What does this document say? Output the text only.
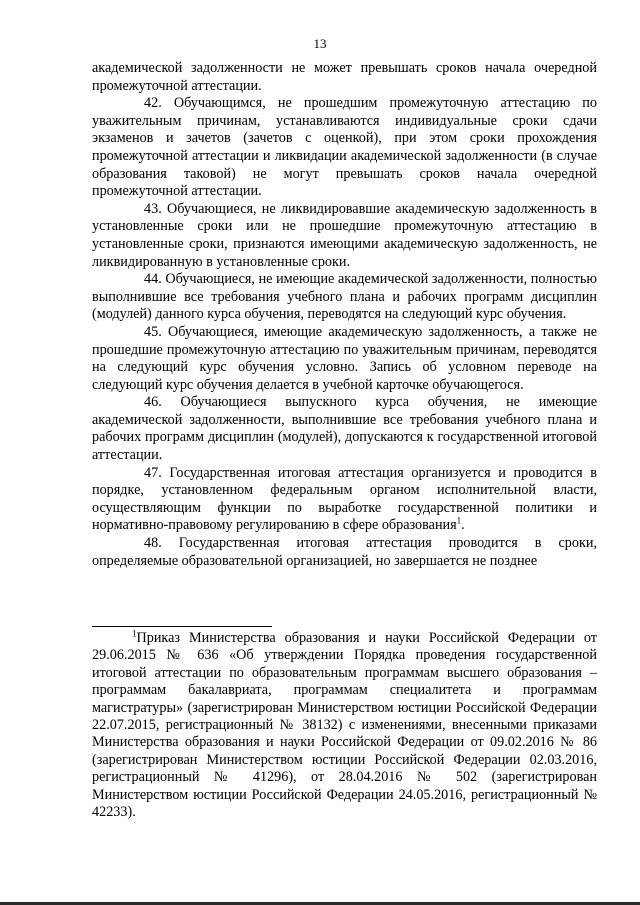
13

академической задолженности не может превышать сроков начала очередной промежуточной аттестации.

42. Обучающимся, не прошедшим промежуточную аттестацию по уважительным причинам, устанавливаются индивидуальные сроки сдачи экзаменов и зачетов (зачетов с оценкой), при этом сроки прохождения промежуточной аттестации и ликвидации академической задолженности (в случае образования таковой) не могут превышать сроков начала очередной промежуточной аттестации.

43. Обучающиеся, не ликвидировавшие академическую задолженность в установленные сроки или не прошедшие промежуточную аттестацию в установленные сроки, признаются имеющими академическую задолженность, не ликвидированную в установленные сроки.

44. Обучающиеся, не имеющие академической задолженности, полностью выполнившие все требования учебного плана и рабочих программ дисциплин (модулей) данного курса обучения, переводятся на следующий курс обучения.

45. Обучающиеся, имеющие академическую задолженность, а также не прошедшие промежуточную аттестацию по уважительным причинам, переводятся на следующий курс обучения условно. Запись об условном переводе на следующий курс обучения делается в учебной карточке обучающегося.

46. Обучающиеся выпускного курса обучения, не имеющие академической задолженности, выполнившие все требования учебного плана и рабочих программ дисциплин (модулей), допускаются к государственной итоговой аттестации.

47. Государственная итоговая аттестация организуется и проводится в порядке, установленном федеральным органом исполнительной власти, осуществляющим функции по выработке государственной политики и нормативно-правовому регулированию в сфере образования$^1$.

48. Государственная итоговая аттестация проводится в сроки, определяемые образовательной организацией, но завершается не позднее

$^1$Приказ Министерства образования и науки Российской Федерации от 29.06.2015 № 636 «Об утверждении Порядка проведения государственной итоговой аттестации по образовательным программам высшего образования – программам бакалавриата, программам специалитета и программам магистратуры» (зарегистрирован Министерством юстиции Российской Федерации 22.07.2015, регистрационный № 38132) с изменениями, внесенными приказами Министерства образования и науки Российской Федерации от 09.02.2016 № 86 (зарегистрирован Министерством юстиции Российской Федерации 02.03.2016, регистрационный № 41296), от 28.04.2016 № 502 (зарегистрирован Министерством юстиции Российской Федерации 24.05.2016, регистрационный № 42233).
